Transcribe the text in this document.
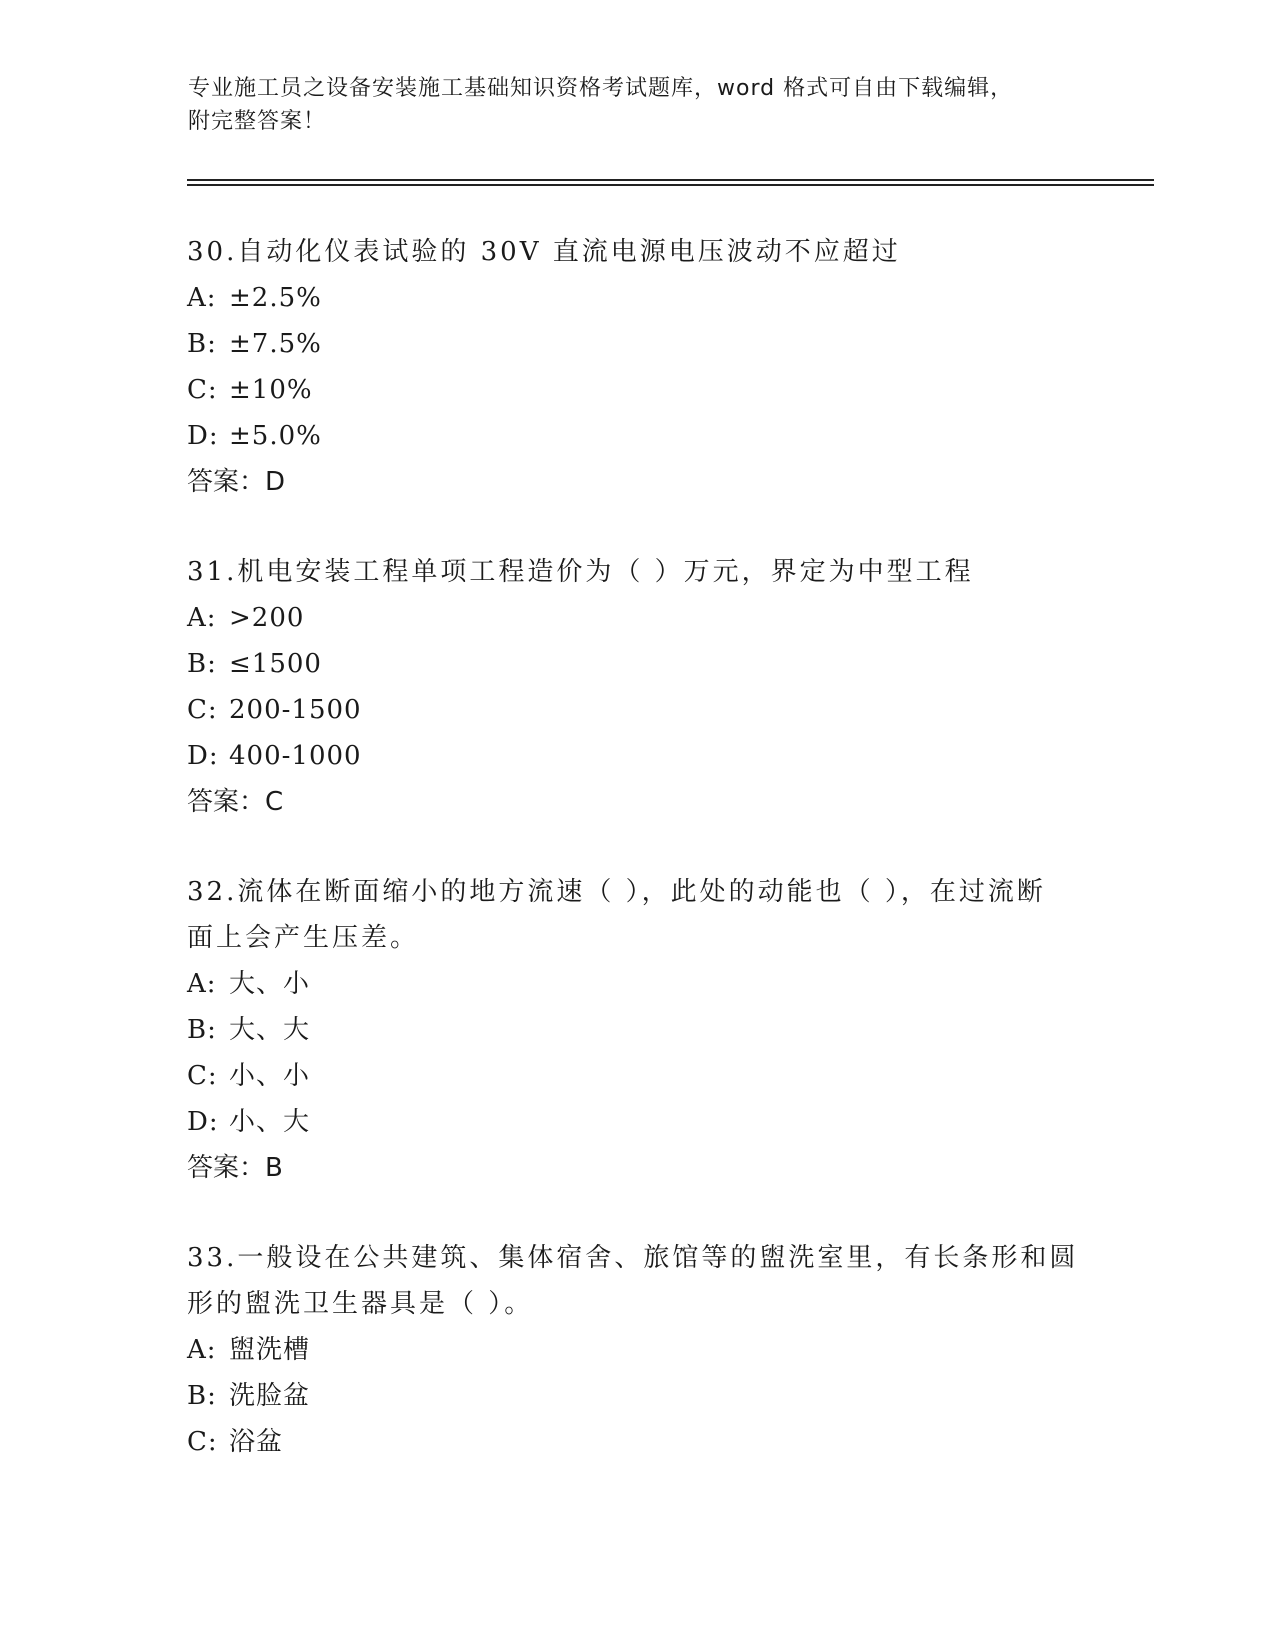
专业施工员之设备安装施工基础知识资格考试题库，word 格式可自由下载编辑，
附完整答案！
30.自动化仪表试验的 30V 直流电源电压波动不应超过
A: ±2.5%
B: ±7.5%
C: ±10%
D: ±5.0%
答案：D
31.机电安装工程单项工程造价为（ ）万元，界定为中型工程
A: >200
B: ≤1500
C: 200-1500
D: 400-1000
答案：C
32.流体在断面缩小的地方流速（ ），此处的动能也（ ），在过流断
面上会产生压差。
A: 大、小
B: 大、大
C: 小、小
D: 小、大
答案：B
33.一般设在公共建筑、集体宿舍、旅馆等的盥洗室里，有长条形和圆
形的盥洗卫生器具是（ ）。
A: 盥洗槽
B: 洗脸盆
C: 浴盆
